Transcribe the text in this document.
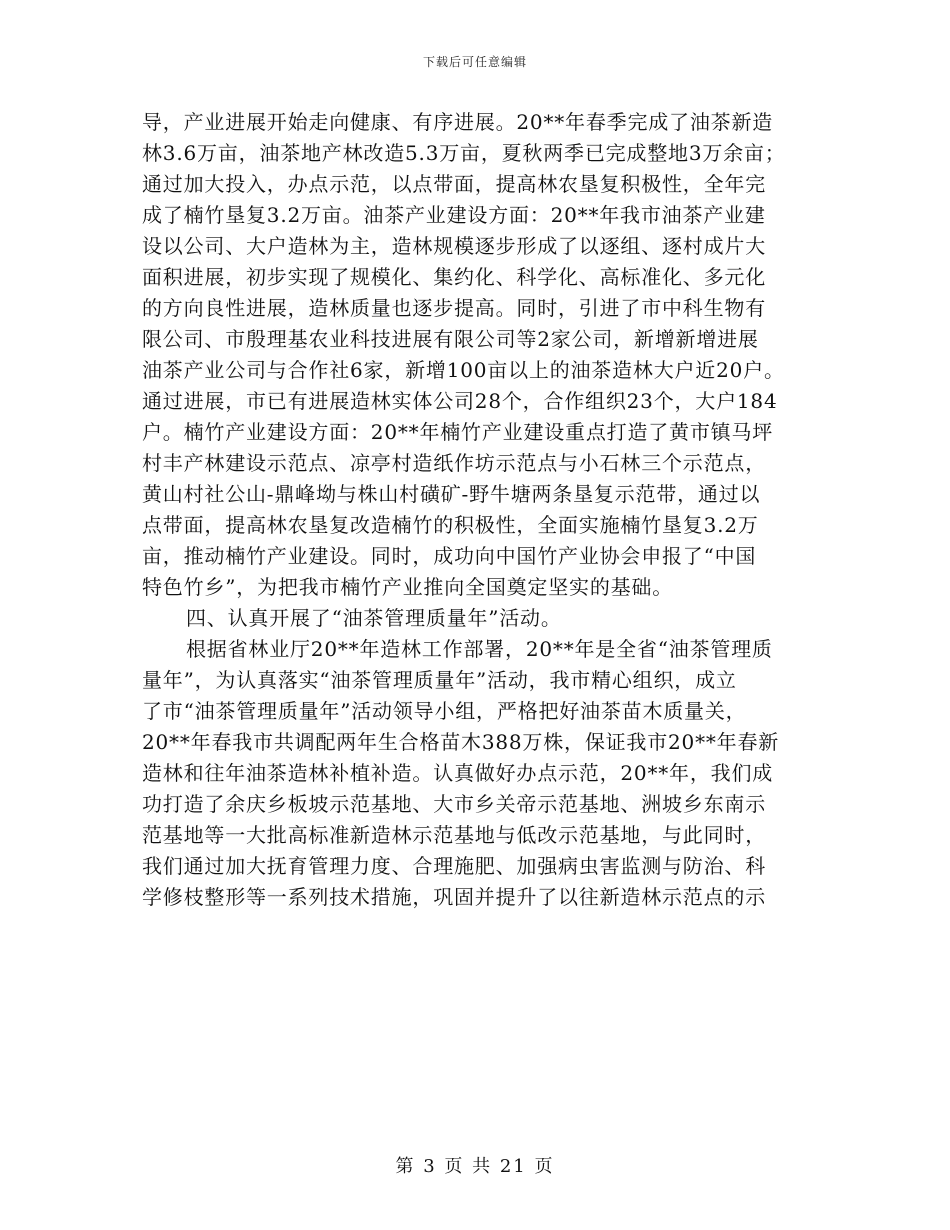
下载后可任意编辑
导，产业进展开始走向健康、有序进展。20**年春季完成了油茶新造
林3.6万亩，油茶地产林改造5.3万亩，夏秋两季已完成整地3万余亩；
通过加大投入，办点示范，以点带面，提高林农垦复积极性，全年完
成了楠竹垦复3.2万亩。油茶产业建设方面：20**年我市油茶产业建
设以公司、大户造林为主，造林规模逐步形成了以逐组、逐村成片大
面积进展，初步实现了规模化、集约化、科学化、高标准化、多元化
的方向良性进展，造林质量也逐步提高。同时，引进了市中科生物有
限公司、市殷理基农业科技进展有限公司等2家公司，新增新增进展
油茶产业公司与合作社6家，新增100亩以上的油茶造林大户近20户。
通过进展，市已有进展造林实体公司28个，合作组织23个，大户184
户。楠竹产业建设方面：20**年楠竹产业建设重点打造了黄市镇马坪
村丰产林建设示范点、凉亭村造纸作坊示范点与小石林三个示范点，
黄山村社公山-鼎峰坳与株山村磺矿-野牛塘两条垦复示范带，通过以
点带面，提高林农垦复改造楠竹的积极性，全面实施楠竹垦复3.2万
亩，推动楠竹产业建设。同时，成功向中国竹产业协会申报了“中国
特色竹乡”，为把我市楠竹产业推向全国奠定坚实的基础。
四、认真开展了“油茶管理质量年”活动。
根据省林业厅20**年造林工作部署，20**年是全省“油茶管理质
量年”，为认真落实“油茶管理质量年”活动，我市精心组织，成立
了市“油茶管理质量年”活动领导小组，严格把好油茶苗木质量关，
20**年春我市共调配两年生合格苗木388万株，保证我市20**年春新
造林和往年油茶造林补植补造。认真做好办点示范，20**年，我们成
功打造了余庆乡板坡示范基地、大市乡关帝示范基地、洲坡乡东南示
范基地等一大批高标准新造林示范基地与低改示范基地，与此同时，
我们通过加大抚育管理力度、合理施肥、加强病虫害监测与防治、科
学修枝整形等一系列技术措施，巩固并提升了以往新造林示范点的示
第 3 页 共 21 页
